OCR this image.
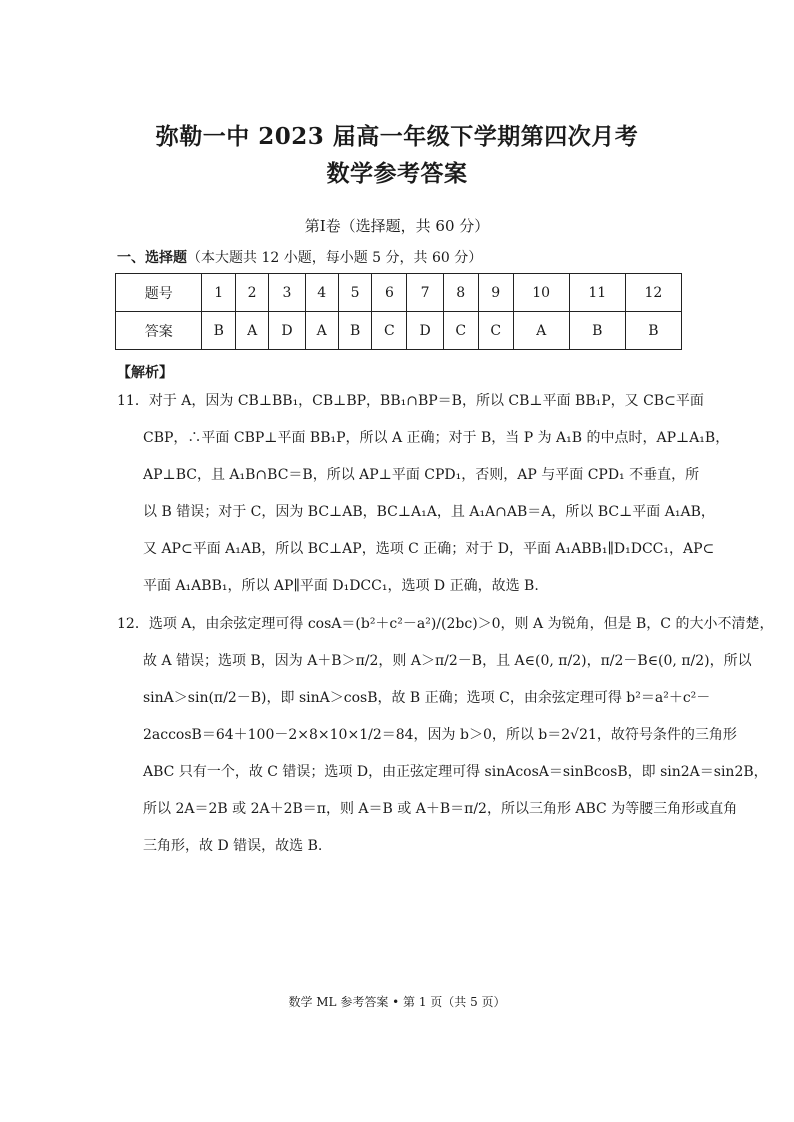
弥勒一中 2023 届高一年级下学期第四次月考
数学参考答案
第Ⅰ卷（选择题，共 60 分）
一、选择题（本大题共 12 小题，每小题 5 分，共 60 分）
题号	1	2	3	4	5	6	7	8	9	10	11	12
答案	B	A	D	A	B	C	D	C	C	A	B	B
【解析】
11．对于 A，因为 CB⊥BB₁，CB⊥BP，BB₁∩BP＝B，所以 CB⊥平面 BB₁P，又 CB⊂平面
CBP，∴平面 CBP⊥平面 BB₁P，所以 A 正确；对于 B，当 P 为 A₁B 的中点时，AP⊥A₁B，
AP⊥BC，且 A₁B∩BC＝B，所以 AP⊥平面 CPD₁，否则，AP 与平面 CPD₁ 不垂直，所
以 B 错误；对于 C，因为 BC⊥AB，BC⊥A₁A，且 A₁A∩AB＝A，所以 BC⊥平面 A₁AB，
又 AP⊂平面 A₁AB，所以 BC⊥AP，选项 C 正确；对于 D，平面 A₁ABB₁∥D₁DCC₁，AP⊂
平面 A₁ABB₁，所以 AP∥平面 D₁DCC₁，选项 D 正确，故选 B.
12．选项 A，由余弦定理可得 cosA＝(b²＋c²－a²)/(2bc)＞0，则 A 为锐角，但是 B，C 的大小不清楚，
故 A 错误；选项 B，因为 A＋B＞π/2，则 A＞π/2－B，且 A∈(0, π/2)，π/2－B∈(0, π/2)，所以
sinA＞sin(π/2－B)，即 sinA＞cosB，故 B 正确；选项 C，由余弦定理可得 b²＝a²＋c²－
2accosB＝64＋100－2×8×10×1/2＝84，因为 b＞0，所以 b＝2√21，故符号条件的三角形
ABC 只有一个，故 C 错误；选项 D，由正弦定理可得 sinAcosA＝sinBcosB，即 sin2A＝sin2B，
所以 2A＝2B 或 2A＋2B＝π，则 A＝B 或 A＋B＝π/2，所以三角形 ABC 为等腰三角形或直角
三角形，故 D 错误，故选 B.
数学 ML 参考答案 • 第 1 页（共 5 页）
